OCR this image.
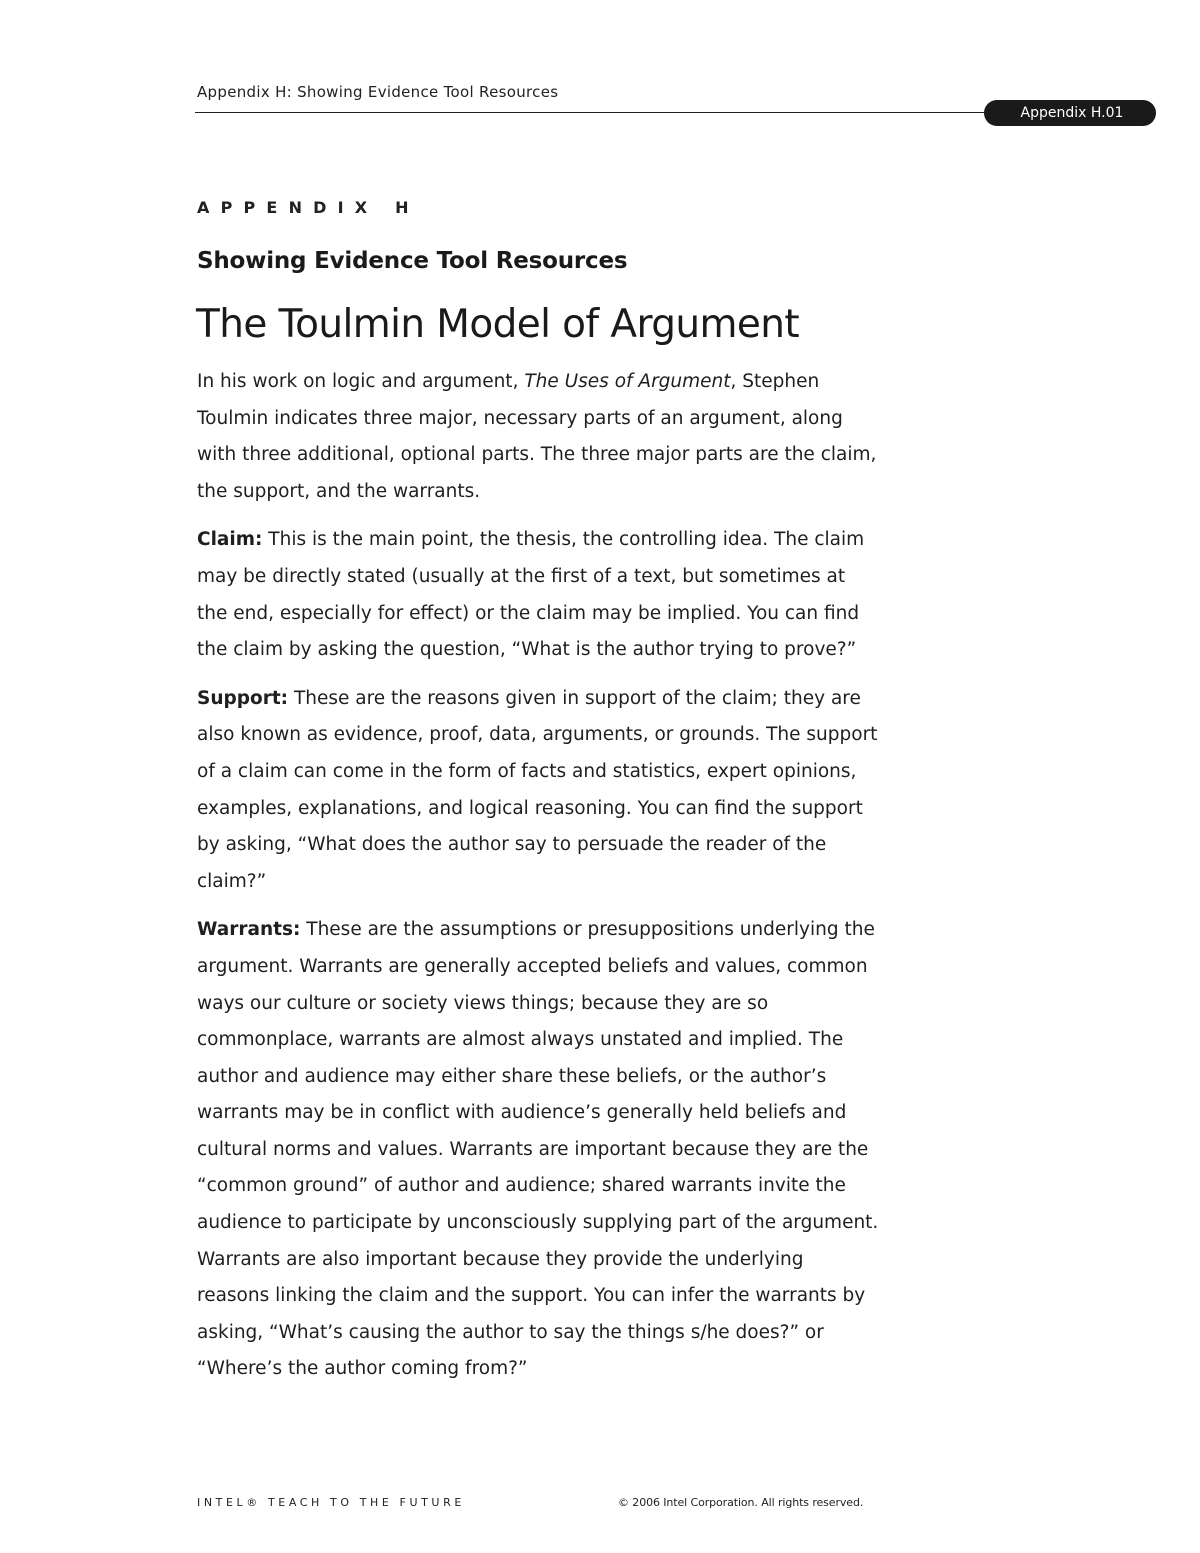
Appendix H: Showing Evidence Tool Resources
Appendix H.01
APPENDIX H
Showing Evidence Tool Resources
The Toulmin Model of Argument

In his work on logic and argument, The Uses of Argument, Stephen
Toulmin indicates three major, necessary parts of an argument, along
with three additional, optional parts. The three major parts are the claim,
the support, and the warrants.

Claim: This is the main point, the thesis, the controlling idea. The claim
may be directly stated (usually at the first of a text, but sometimes at
the end, especially for effect) or the claim may be implied. You can find
the claim by asking the question, “What is the author trying to prove?”

Support: These are the reasons given in support of the claim; they are
also known as evidence, proof, data, arguments, or grounds. The support
of a claim can come in the form of facts and statistics, expert opinions,
examples, explanations, and logical reasoning. You can find the support
by asking, “What does the author say to persuade the reader of the
claim?”

Warrants: These are the assumptions or presuppositions underlying the
argument. Warrants are generally accepted beliefs and values, common
ways our culture or society views things; because they are so
commonplace, warrants are almost always unstated and implied. The
author and audience may either share these beliefs, or the author’s
warrants may be in conflict with audience’s generally held beliefs and
cultural norms and values. Warrants are important because they are the
“common ground” of author and audience; shared warrants invite the
audience to participate by unconsciously supplying part of the argument.
Warrants are also important because they provide the underlying
reasons linking the claim and the support. You can infer the warrants by
asking, “What’s causing the author to say the things s/he does?” or
“Where’s the author coming from?”

INTEL® TEACH TO THE FUTURE	© 2006 Intel Corporation. All rights reserved.
